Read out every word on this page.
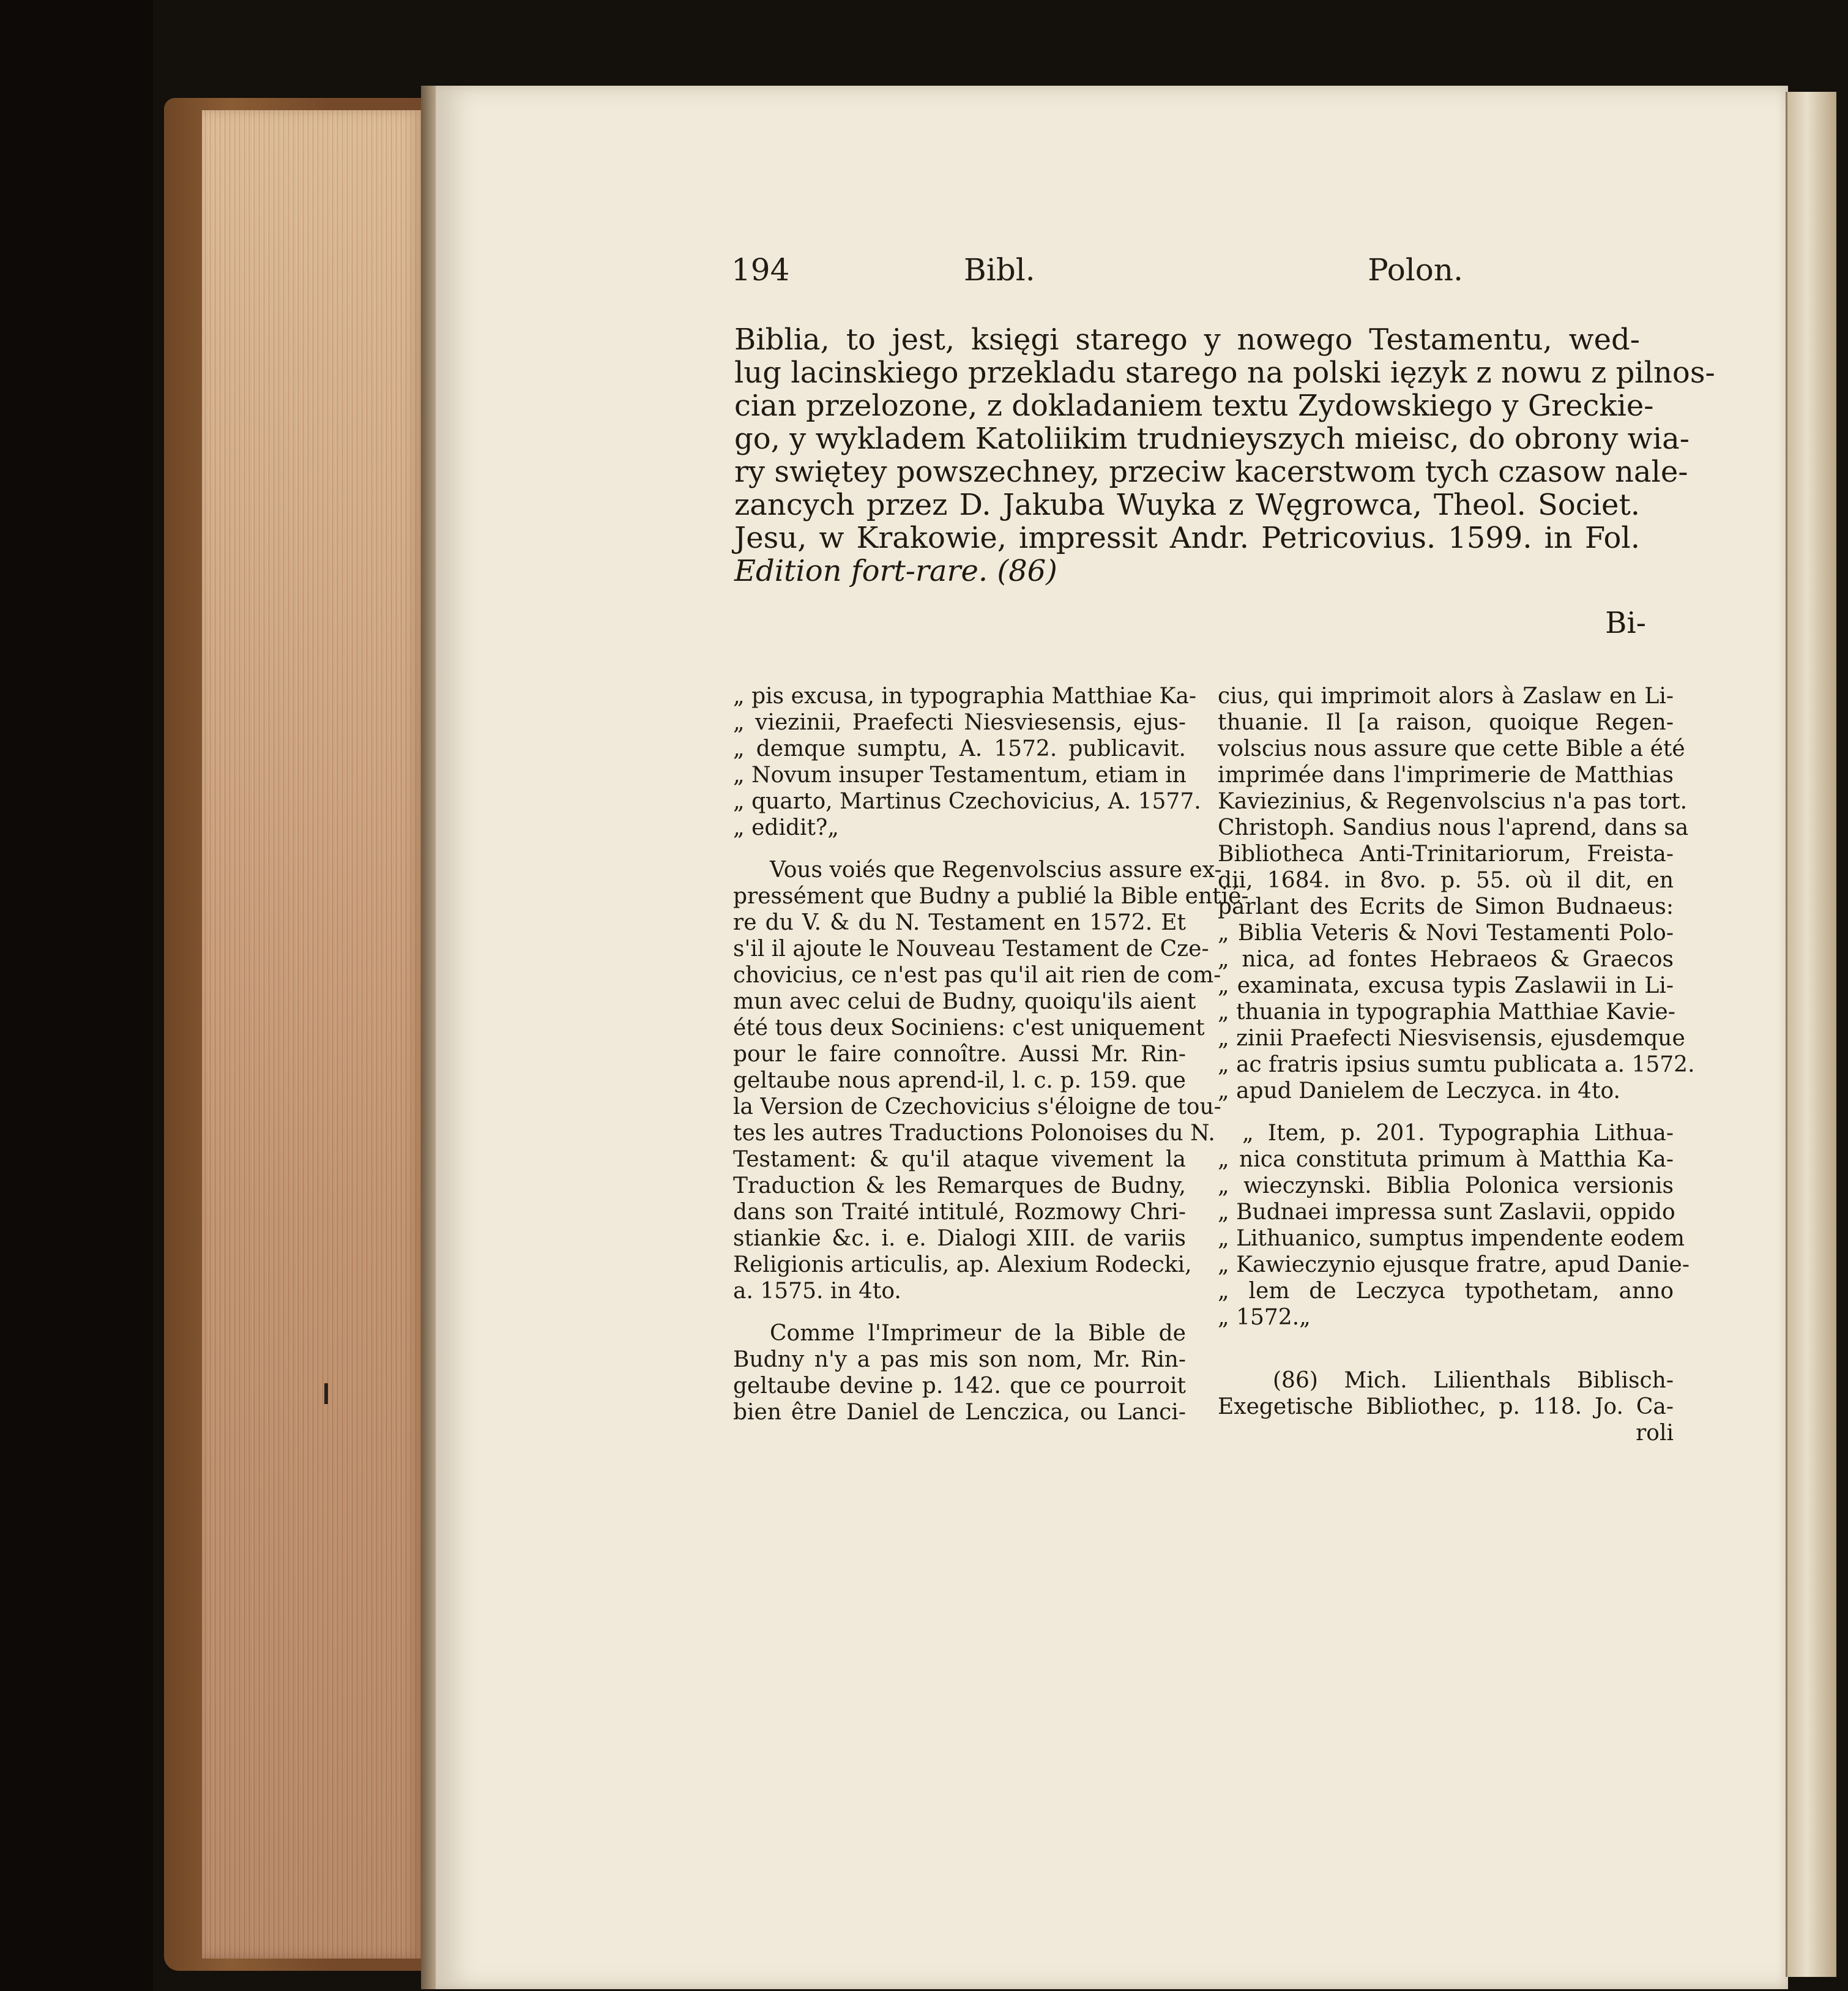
194	Bibl.	Polon.
Biblia, to jest, księgi starego y nowego Testamentu, wed-
lug lacinskiego przekladu starego na polski ięzyk z nowu z pilnos-
cian przelozone, z dokladaniem textu Zydowskiego y Greckie-
go, y wykladem Katoliikim trudnieyszych mieisc, do obrony wia-
ry swiętey powszechney, przeciw kacerstwom tych czasow nale-
zancych przez D. Jakuba Wuyka z Węgrowca, Theol. Societ.
Jesu, w Krakowie, impressit Andr. Petricovius. 1599. in Fol.
Edition fort-rare. (86)
Bi-
„ pis excusa, in typographia Matthiae Ka-
„ viezinii, Praefecti Niesviesensis, ejus-
„ demque sumptu, A. 1572. publicavit.
„ Novum insuper Testamentum, etiam in
„ quarto, Martinus Czechovicius, A. 1577.
„ edidit?„
Vous voiés que Regenvolscius assure ex-
pressément que Budny a publié la Bible entié-
re du V. & du N. Testament en 1572. Et
s'il il ajoute le Nouveau Testament de Cze-
chovicius, ce n'est pas qu'il ait rien de com-
mun avec celui de Budny, quoiqu'ils aient
été tous deux Sociniens: c'est uniquement
pour le faire connoître. Aussi Mr. Rin-
geltaube nous aprend-il, l. c. p. 159. que
la Version de Czechovicius s'éloigne de tou-
tes les autres Traductions Polonoises du N.
Testament: & qu'il ataque vivement la
Traduction & les Remarques de Budny,
dans son Traité intitulé, Rozmowy Chri-
stiankie &c. i. e. Dialogi XIII. de variis
Religionis articulis, ap. Alexium Rodecki,
a. 1575. in 4to.
Comme l'Imprimeur de la Bible de
Budny n'y a pas mis son nom, Mr. Rin-
geltaube devine p. 142. que ce pourroit
bien être Daniel de Lenczica, ou Lanci-
cius, qui imprimoit alors à Zaslaw en Li-
thuanie. Il [a raison, quoique Regen-
volscius nous assure que cette Bible a été
imprimée dans l'imprimerie de Matthias
Kaviezinius, & Regenvolscius n'a pas tort.
Christoph. Sandius nous l'aprend, dans sa
Bibliotheca Anti-Trinitariorum, Freista-
dii, 1684. in 8vo. p. 55. où il dit, en
parlant des Ecrits de Simon Budnaeus:
„ Biblia Veteris & Novi Testamenti Polo-
„ nica, ad fontes Hebraeos & Graecos
„ examinata, excusa typis Zaslawii in Li-
„ thuania in typographia Matthiae Kavie-
„ zinii Praefecti Niesvisensis, ejusdemque
„ ac fratris ipsius sumtu publicata a. 1572.
„ apud Danielem de Leczyca. in 4to.
„ Item, p. 201. Typographia Lithua-
„ nica constituta primum à Matthia Ka-
„ wieczynski. Biblia Polonica versionis
„ Budnaei impressa sunt Zaslavii, oppido
„ Lithuanico, sumptus impendente eodem
„ Kawieczynio ejusque fratre, apud Danie-
„ lem de Leczyca typothetam, anno
„ 1572.„
(86) Mich. Lilienthals Biblisch-
Exegetische Bibliothec, p. 118. Jo. Ca-
roli
